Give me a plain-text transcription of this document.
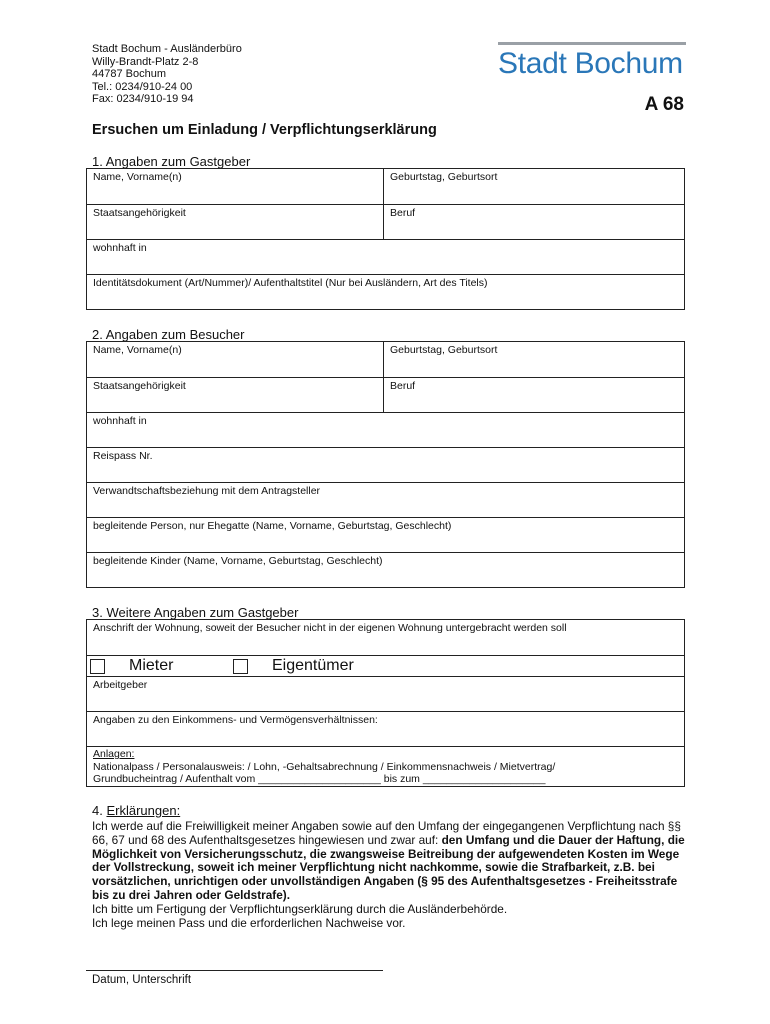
Stadt Bochum - Ausländerbüro
Willy-Brandt-Platz 2-8
44787 Bochum
Tel.: 0234/910-24 00
Fax: 0234/910-19 94
Stadt Bochum
A 68
Ersuchen um Einladung / Verpflichtungserklärung
1. Angaben zum Gastgeber
Name, Vorname(n)	Geburtstag, Geburtsort
Staatsangehörigkeit	Beruf
wohnhaft in
Identitätsdokument (Art/Nummer)/ Aufenthaltstitel (Nur bei Ausländern, Art des Titels)
2. Angaben zum Besucher
Name, Vorname(n)	Geburtstag, Geburtsort
Staatsangehörigkeit	Beruf
wohnhaft in
Reispass Nr.
Verwandtschaftsbeziehung mit dem Antragsteller
begleitende Person, nur Ehegatte (Name, Vorname, Geburtstag, Geschlecht)
begleitende Kinder (Name, Vorname, Geburtstag, Geschlecht)
3. Weitere Angaben zum Gastgeber
Anschrift der Wohnung, soweit der Besucher nicht in der eigenen Wohnung untergebracht werden soll
Mieter	Eigentümer
Arbeitgeber
Angaben zu den Einkommens- und Vermögensverhältnissen:
Anlagen:
Nationalpass / Personalausweis: / Lohn, -Gehaltsabrechnung / Einkommensnachweis / Mietvertrag/
Grundbucheintrag / Aufenthalt vom _____________________ bis zum _____________________
4. Erklärungen:
Ich werde auf die Freiwilligkeit meiner Angaben sowie auf den Umfang der eingegangenen Verpflichtung nach §§ 66, 67 und 68 des Aufenthaltsgesetzes hingewiesen und zwar auf: den Umfang und die Dauer der Haftung, die Möglichkeit von Versicherungsschutz, die zwangsweise Beitreibung der aufgewendeten Kosten im Wege der Vollstreckung, soweit ich meiner Verpflichtung nicht nachkomme, sowie die Strafbarkeit, z.B. bei vorsätzlichen, unrichtigen oder unvollständigen Angaben (§ 95 des Aufenthaltsgesetzes - Freiheitsstrafe bis zu drei Jahren oder Geldstrafe).
Ich bitte um Fertigung der Verpflichtungserklärung durch die Ausländerbehörde.
Ich lege meinen Pass und die erforderlichen Nachweise vor.
Datum, Unterschrift
